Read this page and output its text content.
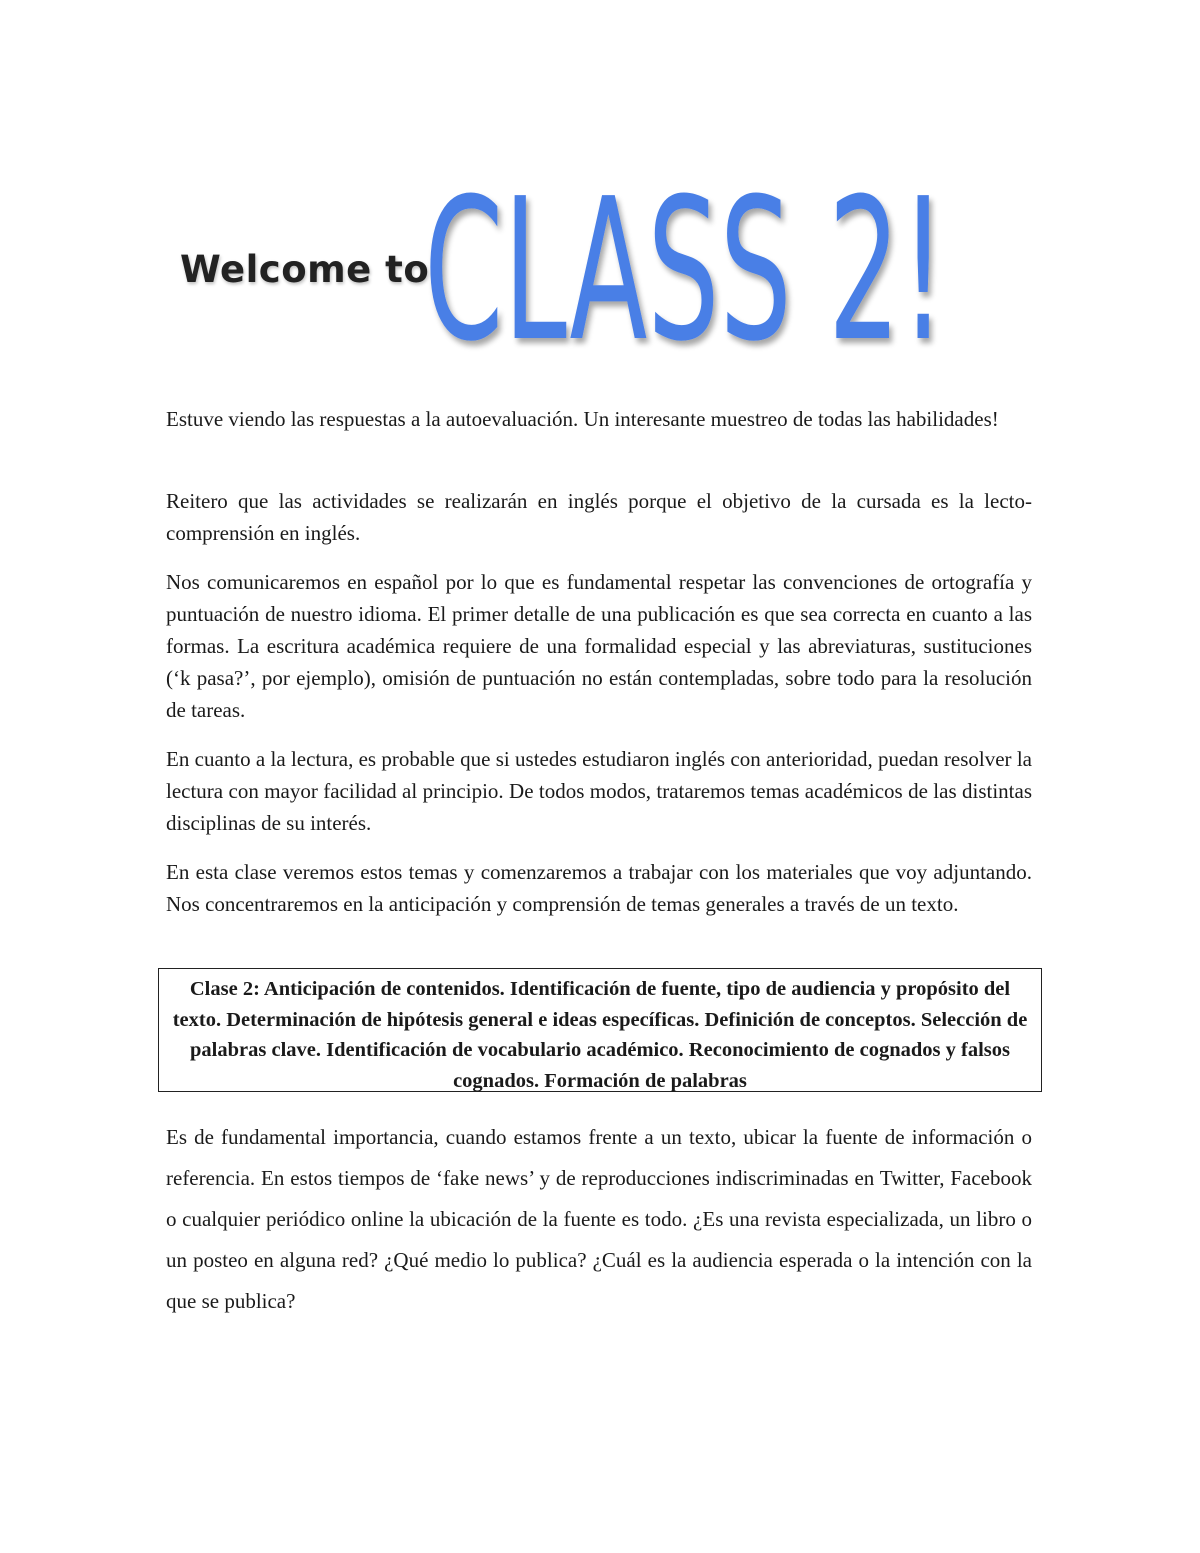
Welcome to
CLASS 2!

Estuve viendo las respuestas a la autoevaluación. Un interesante muestreo de todas las habilidades!

Reitero que las actividades se realizarán en inglés porque el objetivo de la cursada es la lecto- comprensión en inglés.

Nos comunicaremos en español por lo que es fundamental respetar las convenciones de ortografía y puntuación de nuestro idioma. El primer detalle de una publicación es que sea correcta en cuanto a las formas. La escritura académica requiere de una formalidad especial y las abreviaturas, sustituciones (‘k pasa?’, por ejemplo), omisión de puntuación no están contempladas, sobre todo para la resolución de tareas.

En cuanto a la lectura, es probable que si ustedes estudiaron inglés con anterioridad, puedan resolver la lectura con mayor facilidad al principio. De todos modos, trataremos temas académicos de las distintas disciplinas de su interés.

En esta clase veremos estos temas y comenzaremos a trabajar con los materiales que voy adjuntando. Nos concentraremos en la anticipación y comprensión de temas generales a través de un texto.

Clase 2: Anticipación de contenidos. Identificación de fuente, tipo de audiencia y propósito del texto. Determinación de hipótesis general e ideas específicas. Definición de conceptos. Selección de palabras clave. Identificación de vocabulario académico. Reconocimiento de cognados y falsos cognados. Formación de palabras

Es de fundamental importancia, cuando estamos frente a un texto, ubicar la fuente de información o referencia. En estos tiempos de ‘fake news’ y de reproducciones indiscriminadas en Twitter, Facebook o cualquier periódico online la ubicación de la fuente es todo. ¿Es una revista especializada, un libro o un posteo en alguna red? ¿Qué medio lo publica? ¿Cuál es la audiencia esperada o la intención con la que se publica?
